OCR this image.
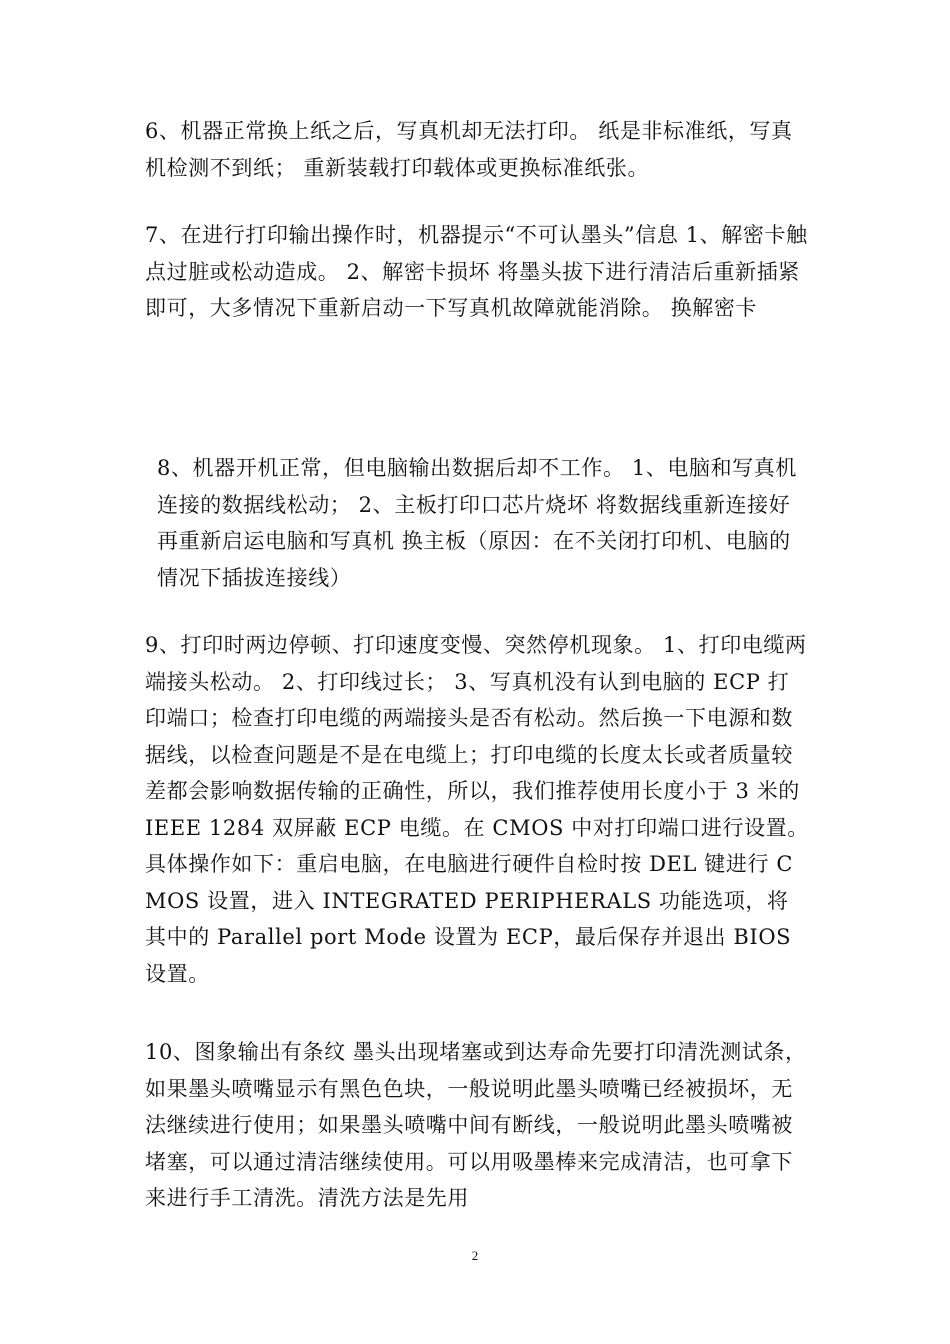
6、机器正常换上纸之后，写真机却无法打印。 纸是非标准纸，写真机检测不到纸； 重新装载打印载体或更换标准纸张。

7、在进行打印输出操作时，机器提示“不可认墨头”信息 1、解密卡触点过脏或松动造成。 2、解密卡损坏 将墨头拔下进行清洁后重新插紧即可，大多情况下重新启动一下写真机故障就能消除。 换解密卡

8、机器开机正常，但电脑输出数据后却不工作。 1、电脑和写真机连接的数据线松动； 2、主板打印口芯片烧坏 将数据线重新连接好再重新启运电脑和写真机 换主板（原因：在不关闭打印机、电脑的情况下插拔连接线）

9、打印时两边停顿、打印速度变慢、突然停机现象。 1、打印电缆两端接头松动。 2、打印线过长； 3、写真机没有认到电脑的 ECP 打印端口；检查打印电缆的两端接头是否有松动。然后换一下电源和数据线，以检查问题是不是在电缆上；打印电缆的长度太长或者质量较差都会影响数据传输的正确性，所以，我们推荐使用长度小于 3 米的 IEEE 1284 双屏蔽 ECP 电缆。在 CMOS 中对打印端口进行设置。具体操作如下：重启电脑，在电脑进行硬件自检时按 DEL 键进行 CMOS 设置，进入 INTEGRATED PERIPHERALS 功能选项，将其中的 Parallel port Mode 设置为 ECP，最后保存并退出 BIOS 设置。

10、图象输出有条纹 墨头出现堵塞或到达寿命先要打印清洗测试条，如果墨头喷嘴显示有黑色色块，一般说明此墨头喷嘴已经被损坏，无法继续进行使用；如果墨头喷嘴中间有断线，一般说明此墨头喷嘴被堵塞，可以通过清洁继续使用。可以用吸墨棒来完成清洁，也可拿下来进行手工清洗。清洗方法是先用

2
